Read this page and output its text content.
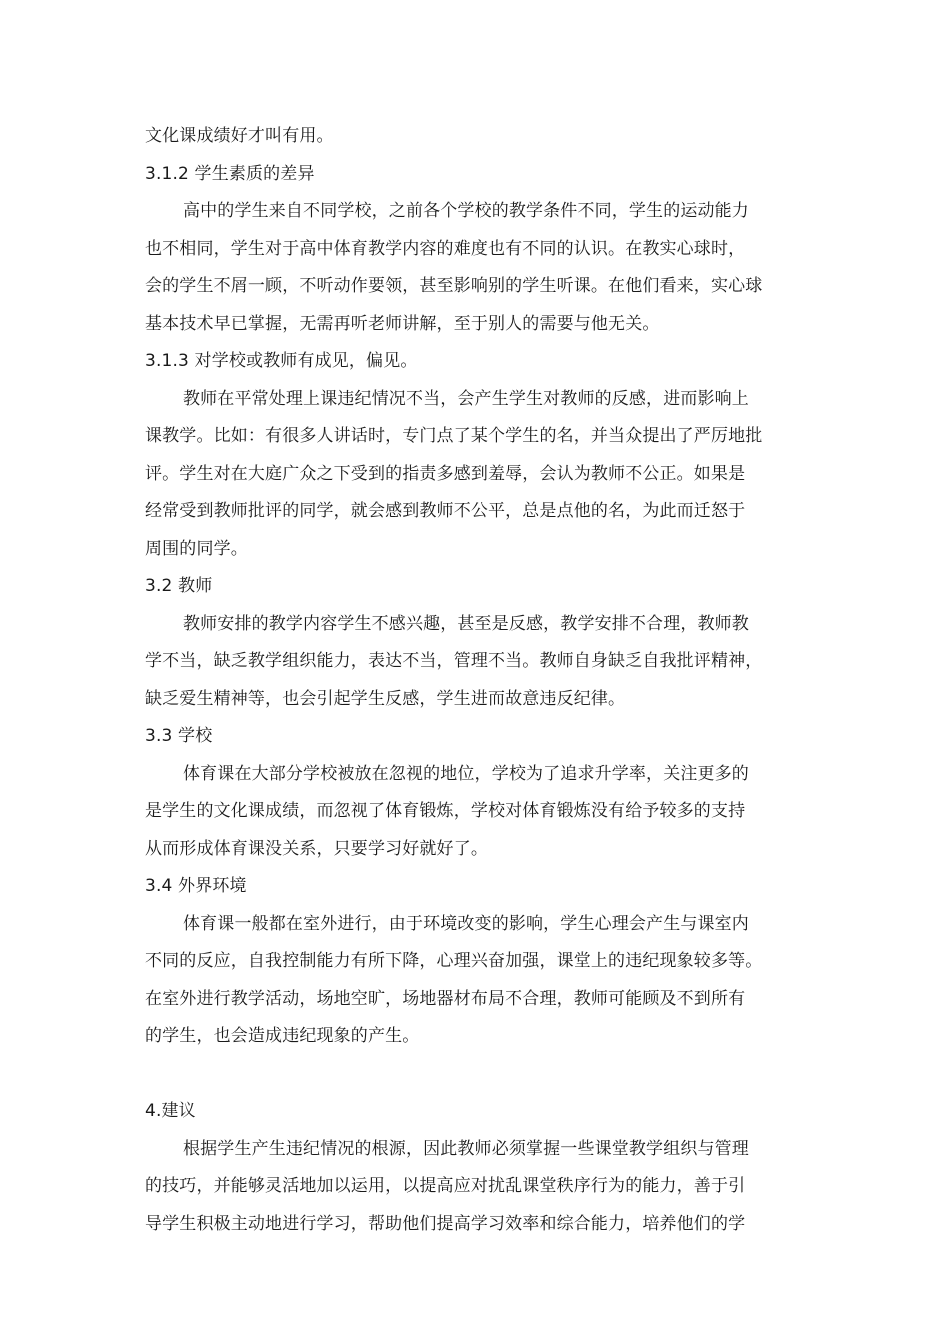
文化课成绩好才叫有用。
3.1.2 学生素质的差异
高中的学生来自不同学校，之前各个学校的教学条件不同，学生的运动能力
也不相同，学生对于高中体育教学内容的难度也有不同的认识。在教实心球时，
会的学生不屑一顾，不听动作要领，甚至影响别的学生听课。在他们看来，实心球
基本技术早已掌握，无需再听老师讲解，至于别人的需要与他无关。
3.1.3 对学校或教师有成见，偏见。
教师在平常处理上课违纪情况不当，会产生学生对教师的反感，进而影响上
课教学。比如：有很多人讲话时，专门点了某个学生的名，并当众提出了严厉地批
评。学生对在大庭广众之下受到的指责多感到羞辱，会认为教师不公正。如果是
经常受到教师批评的同学，就会感到教师不公平，总是点他的名，为此而迁怒于
周围的同学。
3.2 教师
教师安排的教学内容学生不感兴趣，甚至是反感，教学安排不合理，教师教
学不当，缺乏教学组织能力，表达不当，管理不当。教师自身缺乏自我批评精神，
缺乏爱生精神等，也会引起学生反感，学生进而故意违反纪律。
3.3 学校
体育课在大部分学校被放在忽视的地位，学校为了追求升学率，关注更多的
是学生的文化课成绩，而忽视了体育锻炼，学校对体育锻炼没有给予较多的支持
从而形成体育课没关系，只要学习好就好了。
3.4 外界环境
体育课一般都在室外进行，由于环境改变的影响，学生心理会产生与课室内
不同的反应，自我控制能力有所下降，心理兴奋加强，课堂上的违纪现象较多等。
在室外进行教学活动，场地空旷，场地器材布局不合理，教师可能顾及不到所有
的学生，也会造成违纪现象的产生。
4.建议
根据学生产生违纪情况的根源，因此教师必须掌握一些课堂教学组织与管理
的技巧，并能够灵活地加以运用，以提高应对扰乱课堂秩序行为的能力，善于引
导学生积极主动地进行学习，帮助他们提高学习效率和综合能力，培养他们的学
